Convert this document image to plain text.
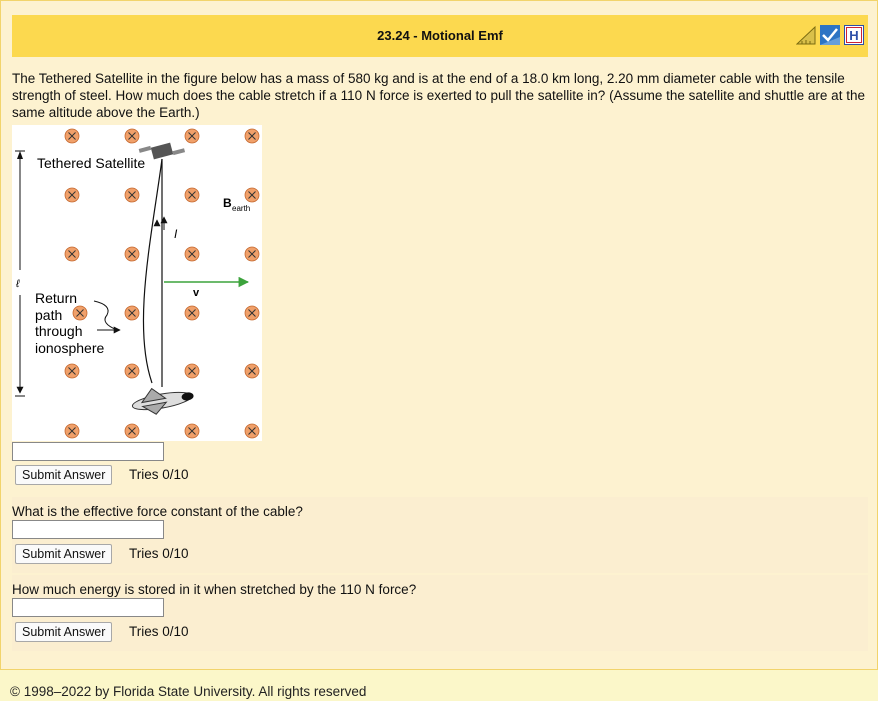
23.24 - Motional Emf	H
The Tethered Satellite in the figure below has a mass of 580 kg and is at the end of a 18.0 km long, 2.20 mm diameter cable with the tensile strength of steel. How much does the cable stretch if a 110 N force is exerted to pull the satellite in? (Assume the satellite and shuttle are at the same altitude above the Earth.)
ℓ
I
v
B earth
Tethered Satellite
Return
path
through
ionosphere
Submit Answer	Tries 0/10
What is the effective force constant of the cable?
Submit Answer	Tries 0/10
How much energy is stored in it when stretched by the 110 N force?
Submit Answer	Tries 0/10
© 1998–2022 by Florida State University. All rights reserved
